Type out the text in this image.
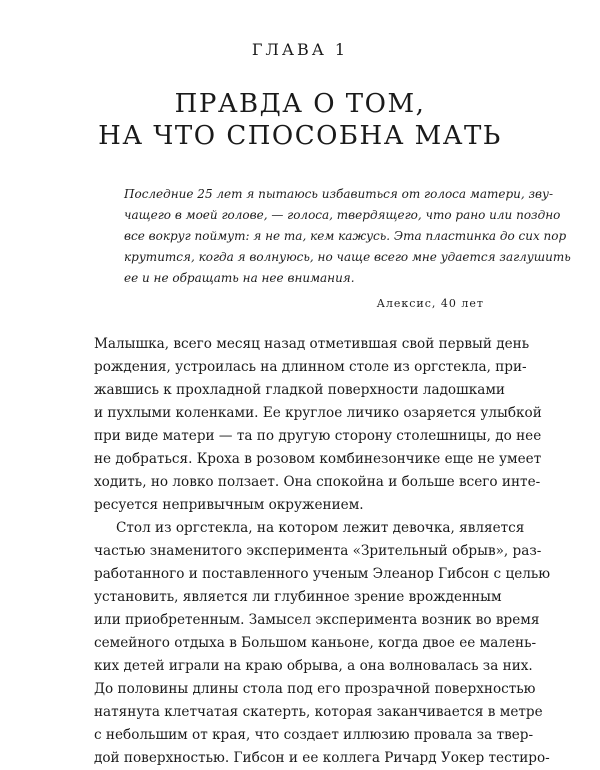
ГЛАВА 1
ПРАВДА О ТОМ,
НА ЧТО СПОСОБНА МАТЬ
Последние 25 лет я пытаюсь избавиться от голоса матери, зву-
чащего в моей голове, — голоса, твердящего, что рано или поздно
все вокруг поймут: я не та, кем кажусь. Эта пластинка до сих пор
крутится, когда я волнуюсь, но чаще всего мне удается заглушить
ее и не обращать на нее внимания.
Алексис, 40 лет
Малышка, всего месяц назад отметившая свой первый день
рождения, устроилась на длинном столе из оргстекла, при-
жавшись к прохладной гладкой поверхности ладошками
и пухлыми коленками. Ее круглое личико озаряется улыбкой
при виде матери — та по другую сторону столешницы, до нее
не добраться. Кроха в розовом комбинезончике еще не умеет
ходить, но ловко ползает. Она спокойна и больше всего инте-
ресуется непривычным окружением.
Стол из оргстекла, на котором лежит девочка, является
частью знаменитого эксперимента «Зрительный обрыв», раз-
работанного и поставленного ученым Элеанор Гибсон с целью
установить, является ли глубинное зрение врожденным
или приобретенным. Замысел эксперимента возник во время
семейного отдыха в Большом каньоне, когда двое ее малень-
ких детей играли на краю обрыва, а она волновалась за них.
До половины длины стола под его прозрачной поверхностью
натянута клетчатая скатерть, которая заканчивается в метре
с небольшим от края, что создает иллюзию провала за твер-
дой поверхностью. Гибсон и ее коллега Ричард Уокер тестиро-
